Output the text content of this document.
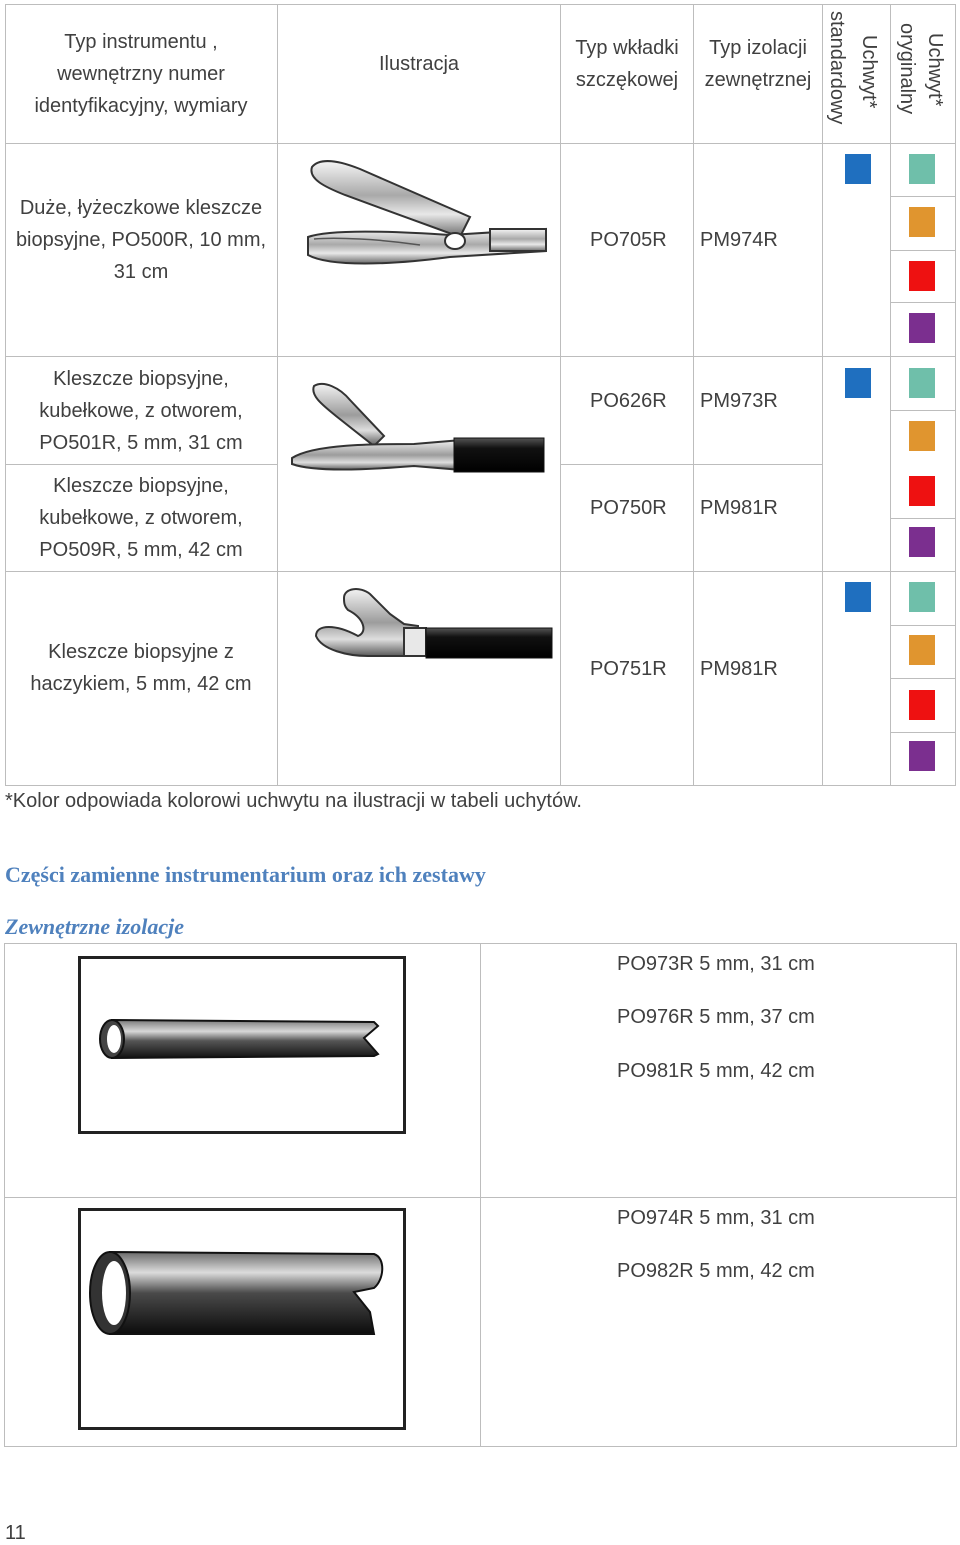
Typ instrumentu , wewnętrzny numer identyfikacyjny, wymiary
Ilustracja
Typ wkładki szczękowej
Typ izolacji zewnętrznej	Uchwyt*
standardowy	Uchwyt*
oryginalny
Duże, łyżeczkowe kleszcze biopsyjne, PO500R, 10 mm, 31 cm
PO705R PM974R
Kleszcze biopsyjne, kubełkowe, z otworem, PO501R, 5 mm, 31 cm
PO626R PM973R
Kleszcze biopsyjne, kubełkowe, z otworem, PO509R, 5 mm, 42 cm
PO750R PM981R
Kleszcze biopsyjne z haczykiem, 5 mm, 42 cm
PO751R PM981R
*Kolor odpowiada kolorowi uchwytu na ilustracji w tabeli uchytów.
Części zamienne instrumentarium oraz ich zestawy
Zewnętrzne izolacje
PO973R 5 mm, 31 cm
PO976R 5 mm, 37 cm
PO981R 5 mm, 42 cm
PO974R 5 mm, 31 cm
PO982R 5 mm, 42 cm
11
